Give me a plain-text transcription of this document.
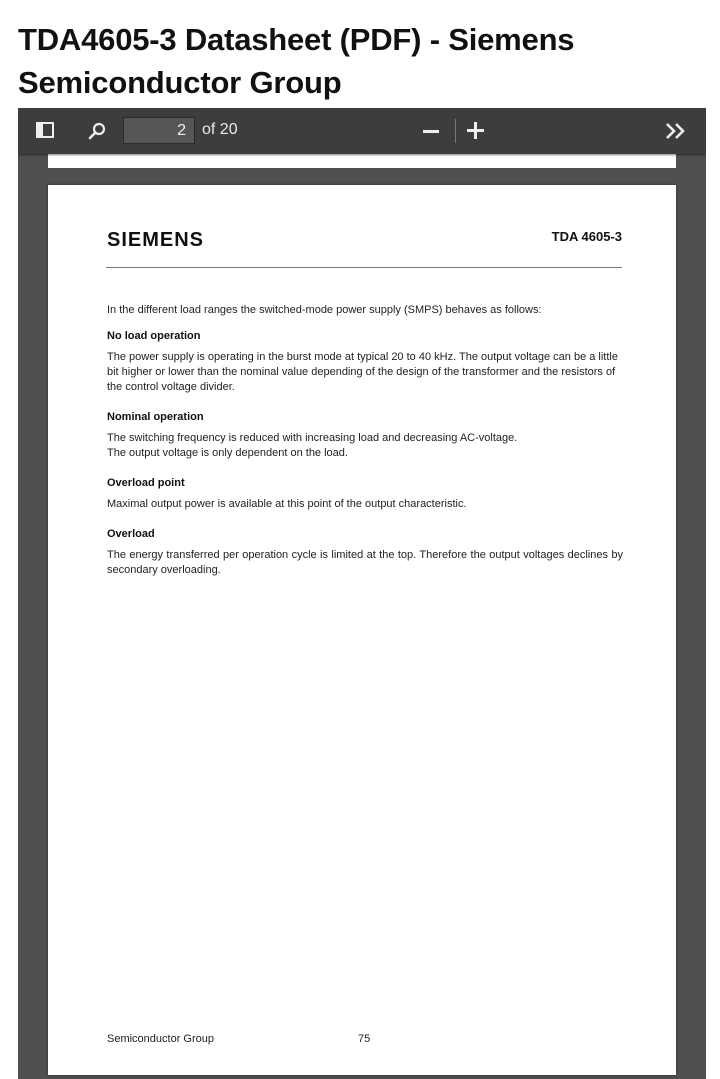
TDA4605-3 Datasheet (PDF) - Siemens Semiconductor Group
2
of 20
SIEMENS	TDA 4605-3

In the different load ranges the switched-mode power supply (SMPS) behaves as follows:

No load operation

The power supply is operating in the burst mode at typical 20 to 40 kHz. The output voltage can be a little bit higher or lower than the nominal value depending of the design of the transformer and the resistors of the control voltage divider.

Nominal operation

The switching frequency is reduced with increasing load and decreasing AC-voltage.

The output voltage is only dependent on the load.

Overload point

Maximal output power is available at this point of the output characteristic.

Overload

The energy transferred per operation cycle is limited at the top. Therefore the output voltages declines by secondary overloading.

Semiconductor Group	75
